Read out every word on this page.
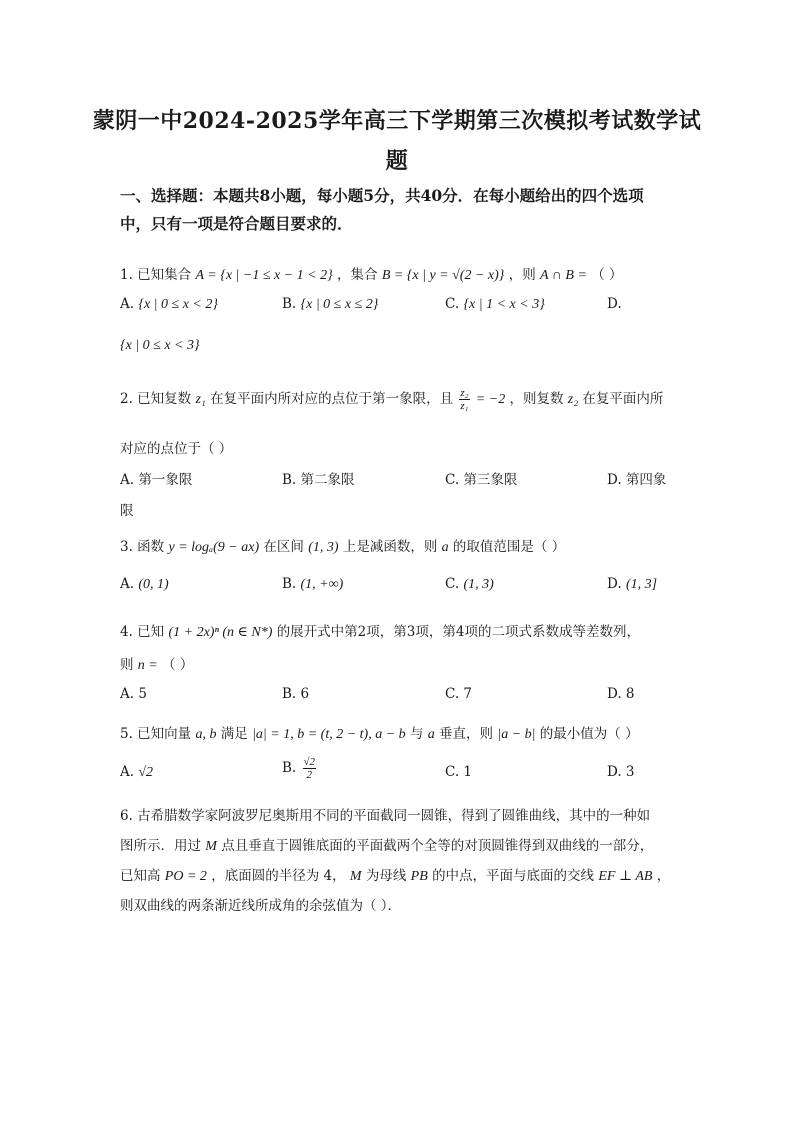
蒙阴一中2024-2025学年高三下学期第三次模拟考试数学试
题
一、选择题：本题共8小题，每小题5分，共40分．在每小题给出的四个选项
中，只有一项是符合题目要求的．
1. 已知集合 A = {x | −1 ≤ x − 1 < 2} ，集合 B = {x | y = √(2 − x)} ，则 A ∩ B = （ ）
A. {x | 0 ≤ x < 2}	B. {x | 0 ≤ x ≤ 2}	C. {x | 1 < x < 3}	D.
{x | 0 ≤ x < 3}
2. 已知复数 z₁ 在复平面内所对应的点位于第一象限，且 $\frac{\text{z₂}}{\text{z₁}} = -2$ ，则复数 z₂ 在复平面内所
对应的点位于（ ）
A. 第一象限	B. 第二象限	C. 第三象限	D. 第四象
限
3. 函数 y = logₐ(9 − ax) 在区间 (1, 3) 上是减函数，则 a 的取值范围是（ ）
A. (0, 1)	B. (1, +∞)	C. (1, 3)	D. (1, 3]
4. 已知 (1 + 2x)ⁿ (n ∈ N*) 的展开式中第2项，第3项，第4项的二项式系数成等差数列，
则 n = （ ）
A. 5	B. 6	C. 7	D. 8
5. 已知向量 a, b 满足 |a| = 1, b = (t, 2 − t), a − b 与 a 垂直，则 |a − b| 的最小值为（ ）
A. √2	B. $\frac{√2}{2}$	C. 1	D. 3
6. 古希腊数学家阿波罗尼奥斯用不同的平面截同一圆锥，得到了圆锥曲线，其中的一种如
图所示．用过 M 点且垂直于圆锥底面的平面截两个全等的对顶圆锥得到双曲线的一部分，
已知高 PO = 2 ，底面圆的半径为 4， M 为母线 PB 的中点，平面与底面的交线 EF ⊥ AB ，
则双曲线的两条渐近线所成角的余弦值为（ ）．
